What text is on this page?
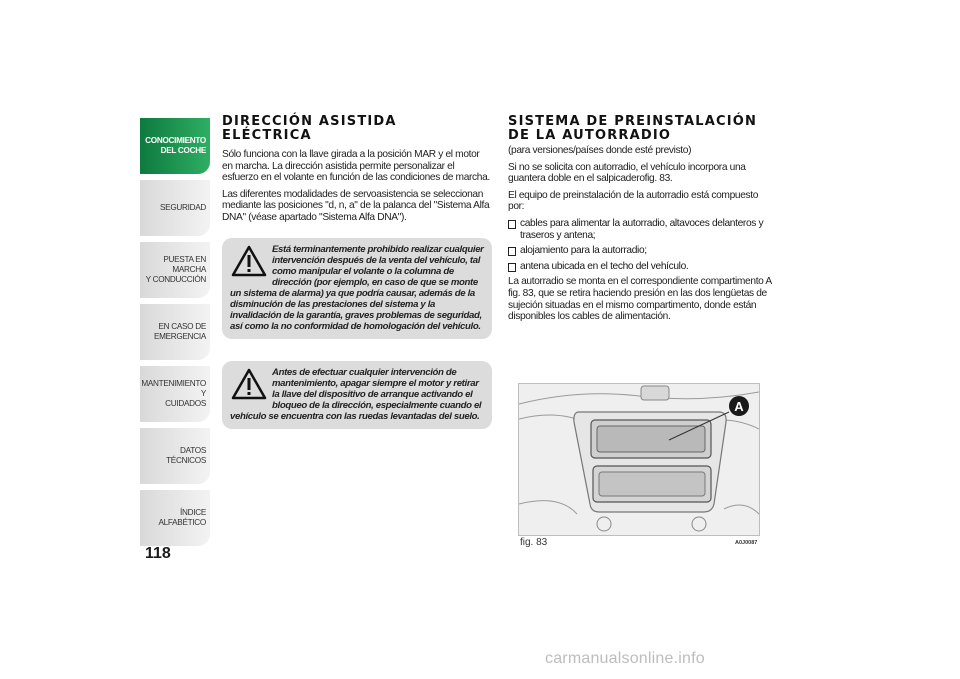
CONOCIMIENTO
DEL COCHE
SEGURIDAD
PUESTA EN MARCHA
Y CONDUCCIÓN
EN CASO DE
EMERGENCIA
MANTENIMIENTO Y
CUIDADOS
DATOS TÉCNICOS
ÍNDICE ALFABÉTICO
118
DIRECCIÓN ASISTIDA ELÉCTRICA

Sólo funciona con la llave girada a la posición MAR y el motor en marcha. La dirección asistida permite personalizar el esfuerzo en el volante en función de las condiciones de marcha.

Las diferentes modalidades de servoasistencia se seleccionan mediante las posiciones "d, n, a" de la palanca del "Sistema Alfa DNA" (véase apartado "Sistema Alfa DNA").

Está terminantemente prohibido realizar cualquier intervención después de la venta del vehículo, tal como manipular el volante o la columna de dirección (por ejemplo, en caso de que se monte un sistema de alarma) ya que podría causar, además de la disminución de las prestaciones del sistema y la invalidación de la garantía, graves problemas de seguridad, así como la no conformidad de homologación del vehículo.

Antes de efectuar cualquier intervención de mantenimiento, apagar siempre el motor y retirar la llave del dispositivo de arranque activando el bloqueo de la dirección, especialmente cuando el vehículo se encuentra con las ruedas levantadas del suelo.

SISTEMA DE PREINSTALACIÓN
DE LA AUTORRADIO

(para versiones/países donde esté previsto)

Si no se solicita con autorradio, el vehículo incorpora una guantera doble en el salpicaderofig. 83.

El equipo de preinstalación de la autorradio está compuesto por:

cables para alimentar la autorradio, altavoces delanteros y traseros y antena;
alojamiento para la autorradio;
antena ubicada en el techo del vehículo.

La autorradio se monta en el correspondiente compartimento A fig. 83, que se retira haciendo presión en las dos lengüetas de sujeción situadas en el mismo compartimento, donde están disponibles los cables de alimentación.

A
fig. 83	A0J0087
carmanualsonline.info
